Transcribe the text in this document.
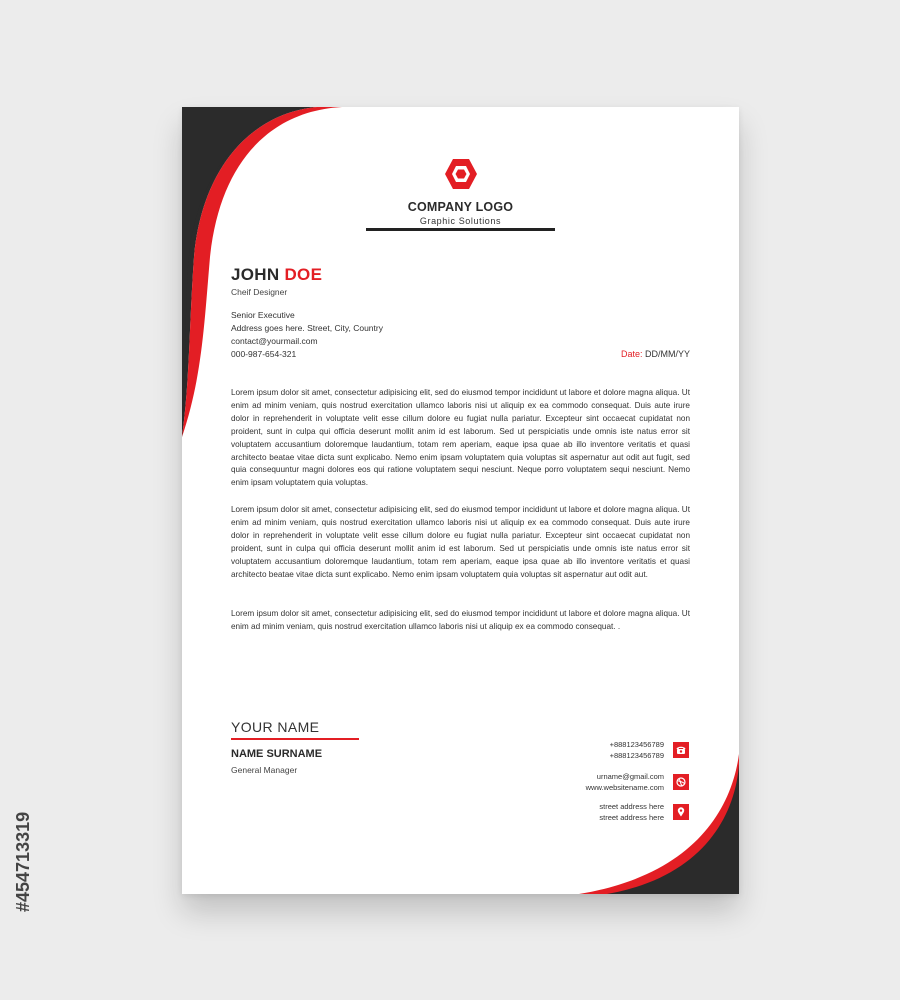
#454713319
COMPANY LOGO
Graphic Solutions
JOHN DOE
Cheif Designer
Senior Executive
Address goes here. Street, City, Country
contact@yourmail.com
000-987-654-321	Date: DD/MM/YY
Lorem ipsum dolor sit amet, consectetur adipisicing elit, sed do eiusmod tempor incididunt ut labore et dolore magna aliqua. Ut enim ad minim veniam, quis nostrud exercitation ullamco laboris nisi ut aliquip ex ea commodo consequat. Duis aute irure dolor in reprehenderit in voluptate velit esse cillum dolore eu fugiat nulla pariatur. Excepteur sint occaecat cupidatat non proident, sunt in culpa qui officia deserunt mollit anim id est laborum. Sed ut perspiciatis unde omnis iste natus error sit voluptatem accusantium doloremque laudantium, totam rem aperiam, eaque ipsa quae ab illo inventore veritatis et quasi architecto beatae vitae dicta sunt explicabo. Nemo enim ipsam voluptatem quia voluptas sit aspernatur aut odit aut fugit, sed quia consequuntur magni dolores eos qui ratione voluptatem sequi nesciunt. Neque porro voluptatem sequi nesciunt. Nemo enim ipsam voluptatem quia voluptas.
Lorem ipsum dolor sit amet, consectetur adipisicing elit, sed do eiusmod tempor incididunt ut labore et dolore magna aliqua. Ut enim ad minim veniam, quis nostrud exercitation ullamco laboris nisi ut aliquip ex ea commodo consequat. Duis aute irure dolor in reprehenderit in voluptate velit esse cillum dolore eu fugiat nulla pariatur. Excepteur sint occaecat cupidatat non proident, sunt in culpa qui officia deserunt mollit anim id est laborum. Sed ut perspiciatis unde omnis iste natus error sit voluptatem accusantium doloremque laudantium, totam rem aperiam, eaque ipsa quae ab illo inventore veritatis et quasi architecto beatae vitae dicta sunt explicabo. Nemo enim ipsam voluptatem quia voluptas sit aspernatur aut odit aut.
Lorem ipsum dolor sit amet, consectetur adipisicing elit, sed do eiusmod tempor incididunt ut labore et dolore magna aliqua. Ut enim ad minim veniam, quis nostrud exercitation ullamco laboris nisi ut aliquip ex ea commodo consequat. .
YOUR NAME
NAME SURNAME
General Manager
+888123456789
+888123456789
urname@gmail.com
www.websitename.com
street address here
street address here
